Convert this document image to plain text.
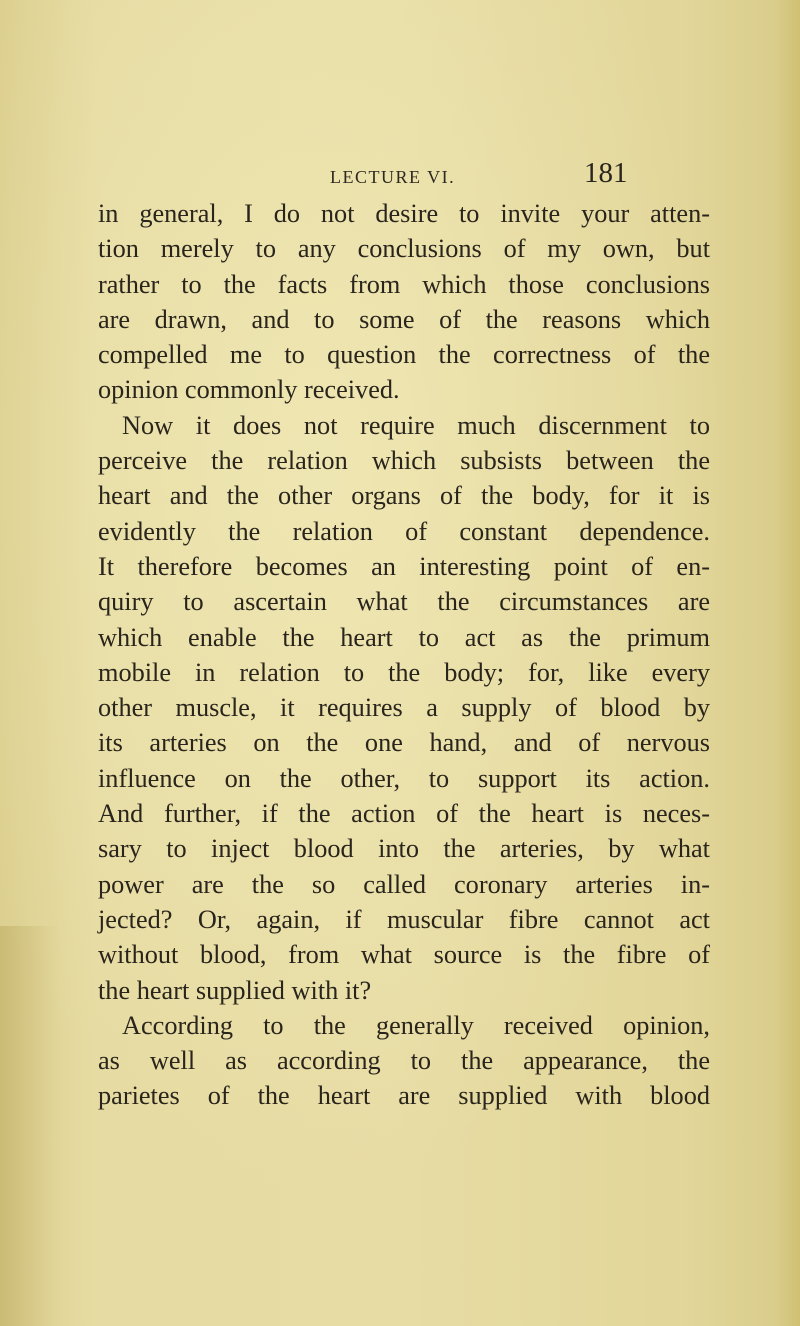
LECTURE VI.	181
in general, I do not desire to invite your atten-
tion merely to any conclusions of my own, but
rather to the facts from which those conclusions
are drawn, and to some of the reasons which
compelled me to question the correctness of the
opinion commonly received.
Now it does not require much discernment to
perceive the relation which subsists between the
heart and the other organs of the body, for it is
evidently the relation of constant dependence.
It therefore becomes an interesting point of en-
quiry to ascertain what the circumstances are
which enable the heart to act as the primum
mobile in relation to the body; for, like every
other muscle, it requires a supply of blood by
its arteries on the one hand, and of nervous
influence on the other, to support its action.
And further, if the action of the heart is neces-
sary to inject blood into the arteries, by what
power are the so called coronary arteries in-
jected? Or, again, if muscular fibre cannot act
without blood, from what source is the fibre of
the heart supplied with it?
According to the generally received opinion,
as well as according to the appearance, the
parietes of the heart are supplied with blood
